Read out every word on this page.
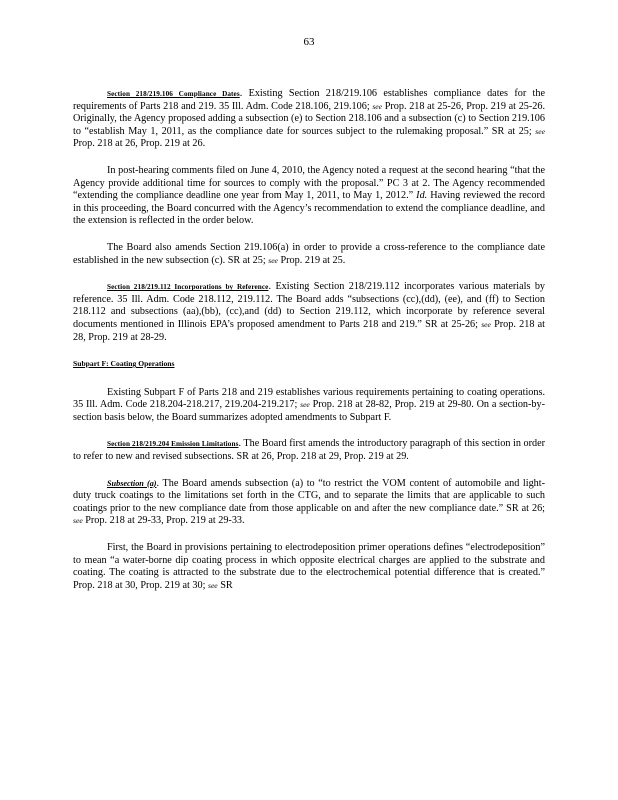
63

Section 218/219.106 Compliance Dates. Existing Section 218/219.106 establishes compliance dates for the requirements of Parts 218 and 219. 35 Ill. Adm. Code 218.106, 219.106; see Prop. 218 at 25-26, Prop. 219 at 25-26. Originally, the Agency proposed adding a subsection (e) to Section 218.106 and a subsection (c) to Section 219.106 to “establish May 1, 2011, as the compliance date for sources subject to the rulemaking proposal.” SR at 25; see Prop. 218 at 26, Prop. 219 at 26.

In post-hearing comments filed on June 4, 2010, the Agency noted a request at the second hearing “that the Agency provide additional time for sources to comply with the proposal.” PC 3 at 2. The Agency recommended “extending the compliance deadline one year from May 1, 2011, to May 1, 2012.” Id. Having reviewed the record in this proceeding, the Board concurred with the Agency’s recommendation to extend the compliance deadline, and the extension is reflected in the order below.

The Board also amends Section 219.106(a) in order to provide a cross-reference to the compliance date established in the new subsection (c). SR at 25; see Prop. 219 at 25.

Section 218/219.112 Incorporations by Reference. Existing Section 218/219.112 incorporates various materials by reference. 35 Ill. Adm. Code 218.112, 219.112. The Board adds “subsections (cc),(dd), (ee), and (ff) to Section 218.112 and subsections (aa),(bb), (cc),and (dd) to Section 219.112, which incorporate by reference several documents mentioned in Illinois EPA’s proposed amendment to Parts 218 and 219.” SR at 25-26; see Prop. 218 at 28, Prop. 219 at 28-29.

Subpart F: Coating Operations

Existing Subpart F of Parts 218 and 219 establishes various requirements pertaining to coating operations. 35 Ill. Adm. Code 218.204-218.217, 219.204-219.217; see Prop. 218 at 28-82, Prop. 219 at 29-80. On a section-by-section basis below, the Board summarizes adopted amendments to Subpart F.

Section 218/219.204 Emission Limitations. The Board first amends the introductory paragraph of this section in order to refer to new and revised subsections. SR at 26, Prop. 218 at 29, Prop. 219 at 29.

Subsection (a). The Board amends subsection (a) to “to restrict the VOM content of automobile and light-duty truck coatings to the limitations set forth in the CTG, and to separate the limits that are applicable to such coatings prior to the new compliance date from those applicable on and after the new compliance date.” SR at 26; see Prop. 218 at 29-33, Prop. 219 at 29-33.

First, the Board in provisions pertaining to electrodeposition primer operations defines “electrodeposition” to mean “a water-borne dip coating process in which opposite electrical charges are applied to the substrate and coating. The coating is attracted to the substrate due to the electrochemical potential difference that is created.” Prop. 218 at 30, Prop. 219 at 30; see SR
